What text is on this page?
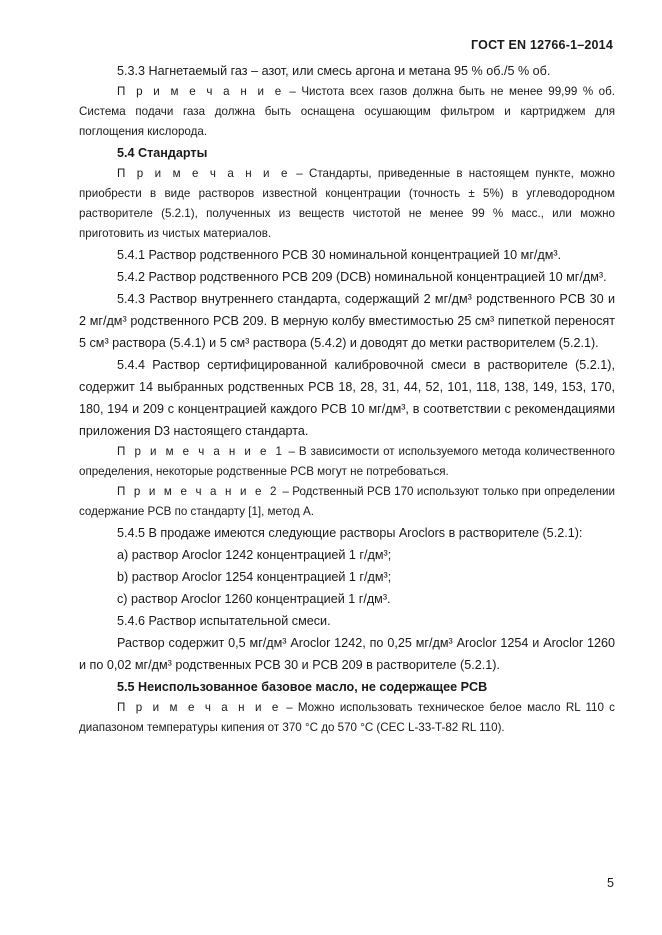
ГОСТ EN 12766-1–2014

5.3.3 Нагнетаемый газ – азот, или смесь аргона и метана 95 % об./5 % об.

П р и м е ч а н и е – Чистота всех газов должна быть не менее 99,99 % об. Система подачи газа должна быть оснащена осушающим фильтром и картриджем для поглощения кислорода.

5.4 Стандарты

П р и м е ч а н и е – Стандарты, приведенные в настоящем пункте, можно приобрести в виде растворов известной концентрации (точность ± 5%) в углеводородном растворителе (5.2.1), полученных из веществ чистотой не менее 99 % масс., или можно приготовить из чистых материалов.

5.4.1 Раствор родственного PCB 30 номинальной концентрацией 10 мг/дм³.

5.4.2 Раствор родственного PCB 209 (DCB) номинальной концентрацией 10 мг/дм³.

5.4.3 Раствор внутреннего стандарта, содержащий 2 мг/дм³ родственного PCB 30 и 2 мг/дм³ родственного PCB 209. В мерную колбу вместимостью 25 см³ пипеткой переносят 5 см³ раствора (5.4.1) и 5 см³ раствора (5.4.2) и доводят до метки растворителем (5.2.1).

5.4.4 Раствор сертифицированной калибровочной смеси в растворителе (5.2.1), содержит 14 выбранных родственных PCB 18, 28, 31, 44, 52, 101, 118, 138, 149, 153, 170, 180, 194 и 209 с концентрацией каждого PCB 10 мг/дм³, в соответствии с рекомендациями приложения D3 настоящего стандарта.

П р и м е ч а н и е 1 – В зависимости от используемого метода количественного определения, некоторые родственные PCB могут не потребоваться.

П р и м е ч а н и е 2 – Родственный PCB 170 используют только при определении содержание PCB по стандарту [1], метод А.

5.4.5 В продаже имеются следующие растворы Aroclors в растворителе (5.2.1):

а) раствор Aroclor 1242 концентрацией 1 г/дм³;

b) раствор Aroclor 1254 концентрацией 1 г/дм³;

c) раствор Aroclor 1260 концентрацией 1 г/дм³.

5.4.6 Раствор испытательной смеси.

Раствор содержит 0,5 мг/дм³ Aroclor 1242, по 0,25 мг/дм³ Aroclor 1254 и Aroclor 1260 и по 0,02 мг/дм³ родственных PCB 30 и PCB 209 в растворителе (5.2.1).

5.5 Неиспользованное базовое масло, не содержащее PCB

П р и м е ч а н и е – Можно использовать техническое белое масло RL 110 с диапазоном температуры кипения от 370 °С до 570 °С (CEC L-33-T-82 RL 110).

5
